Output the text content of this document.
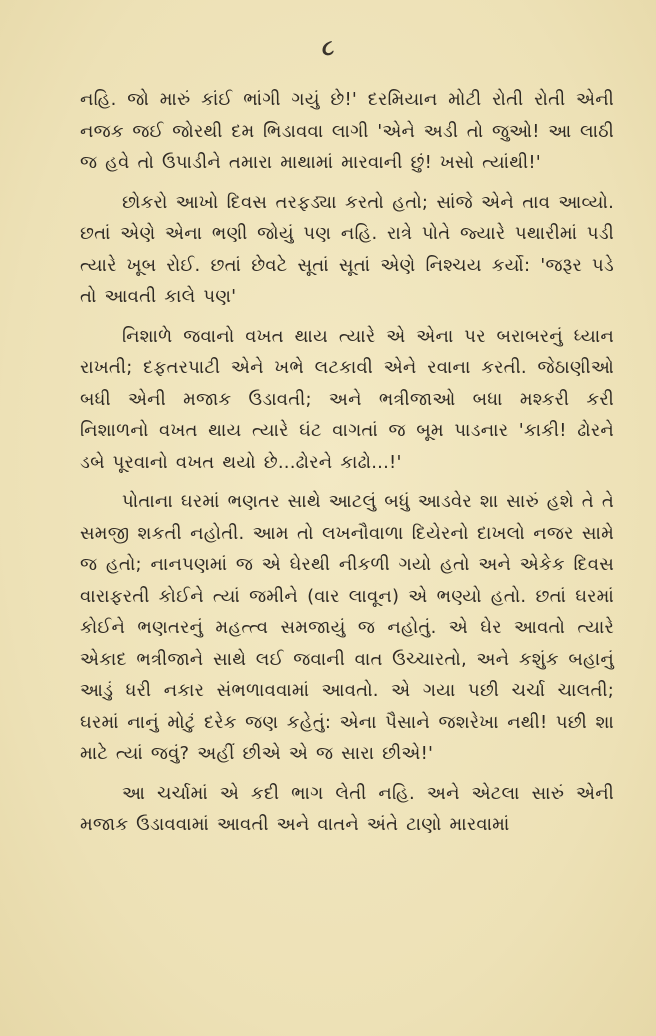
૮

નહિ. જો મારું કાંઈ ભાંગી ગયું છે!' દરમિયાન મોટી રોતી રોતી એની નજક જઈ જોરથી દમ ભિડાવવા લાગી 'એને અડી તો જુઓ! આ લાઠી જ હવે તો ઉપાડીને તમારા માથામાં મારવાની છું! ખસો ત્યાંથી!'

છોકરો આખો દિવસ તરફડ્યા કરતો હતો; સાંજે એને તાવ આવ્યો. છતાં એણે એના ભણી જોયું પણ નહિ. રાત્રે પોતે જ્યારે પથારીમાં પડી ત્યારે ખૂબ રોઈ. છતાં છેવટે સૂતાં સૂતાં એણે નિશ્ચય કર્યો: 'જરૂર પડે તો આવતી કાલે પણ'

નિશાળે જવાનો વખત થાય ત્યારે એ એના પર બરાબરનું ધ્યાન રાખતી; દફતરપાટી એને ખભે લટકાવી એને રવાના કરતી. જેઠાણીઓ બધી એની મજાક ઉડાવતી; અને ભત્રીજાઓ બધા મશ્કરી કરી નિશાળનો વખત થાય ત્યારે ઘંટ વાગતાં જ બૂમ પાડનાર 'કાકી! ઢોરને ડબે પૂરવાનો વખત થયો છે...ઢોરને કાઢો...!'

પોતાના ઘરમાં ભણતર સાથે આટલું બધું આડવેર શા સારું હશે તે તે સમજી શકતી નહોતી. આમ તો લખનૌવાળા દિયેરનો દાખલો નજર સામે જ હતો; નાનપણમાં જ એ ઘેરથી નીકળી ગયો હતો અને એકેક દિવસ વારાફરતી કોઈને ત્યાં જમીને (વાર લાવૂન) એ ભણ્યો હતો. છતાં ઘરમાં કોઈને ભણતરનું મહત્ત્વ સમજાયું જ નહોતું. એ ઘેર આવતો ત્યારે એકાદ ભત્રીજાને સાથે લઈ જવાની વાત ઉચ્ચારતો, અને કશુંક બહાનું આડું ધરી નકાર સંભળાવવામાં આવતો. એ ગયા પછી ચર્ચા ચાલતી; ઘરમાં નાનું મોટું દરેક જણ કહેતું: એના પૈસાને જશરેખા નથી! પછી શા માટે ત્યાં જવું? અહીં છીએ એ જ સારા છીએ!'

આ ચર્ચામાં એ કદી ભાગ લેતી નહિ. અને એટલા સારું એની મજાક ઉડાવવામાં આવતી અને વાતને અંતે ટાણો મારવામાં
